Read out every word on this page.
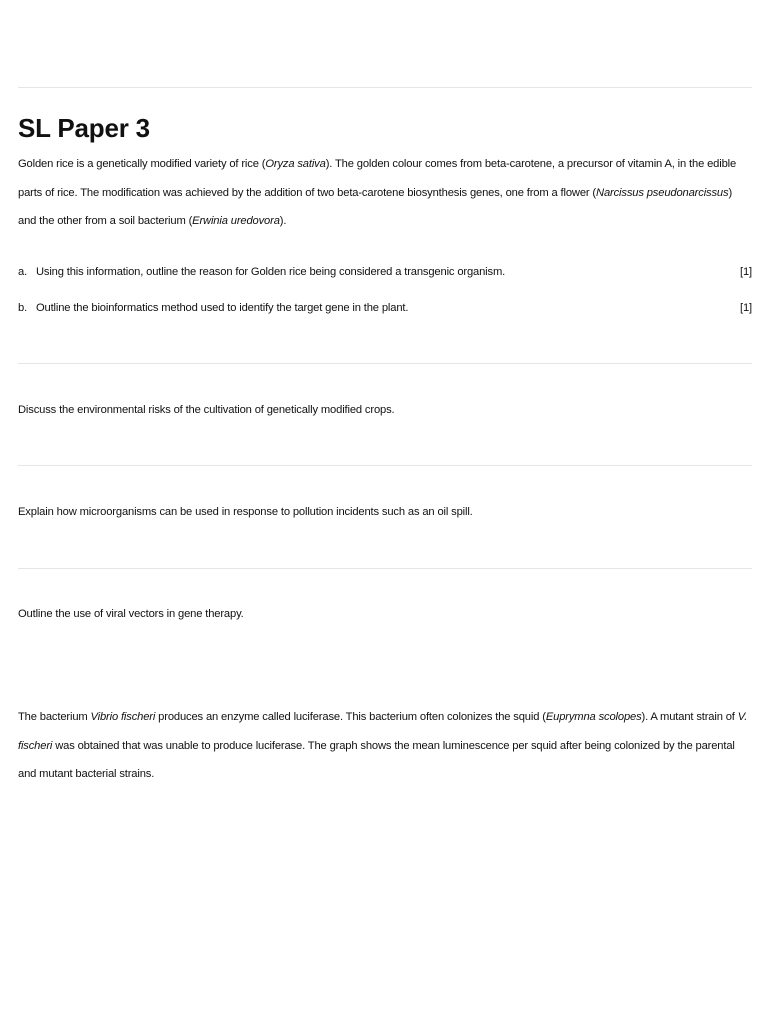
SL Paper 3

Golden rice is a genetically modified variety of rice (Oryza sativa). The golden colour comes from beta-carotene, a precursor of vitamin A, in the edible parts of rice. The modification was achieved by the addition of two beta-carotene biosynthesis genes, one from a flower (Narcissus pseudonarcissus) and the other from a soil bacterium (Erwinia uredovora).

a. Using this information, outline the reason for Golden rice being considered a transgenic organism.	[1]
b. Outline the bioinformatics method used to identify the target gene in the plant.	[1]

Discuss the environmental risks of the cultivation of genetically modified crops.

Explain how microorganisms can be used in response to pollution incidents such as an oil spill.

Outline the use of viral vectors in gene therapy.

The bacterium Vibrio fischeri produces an enzyme called luciferase. This bacterium often colonizes the squid (Euprymna scolopes). A mutant strain of V. fischeri was obtained that was unable to produce luciferase. The graph shows the mean luminescence per squid after being colonized by the parental and mutant bacterial strains.
